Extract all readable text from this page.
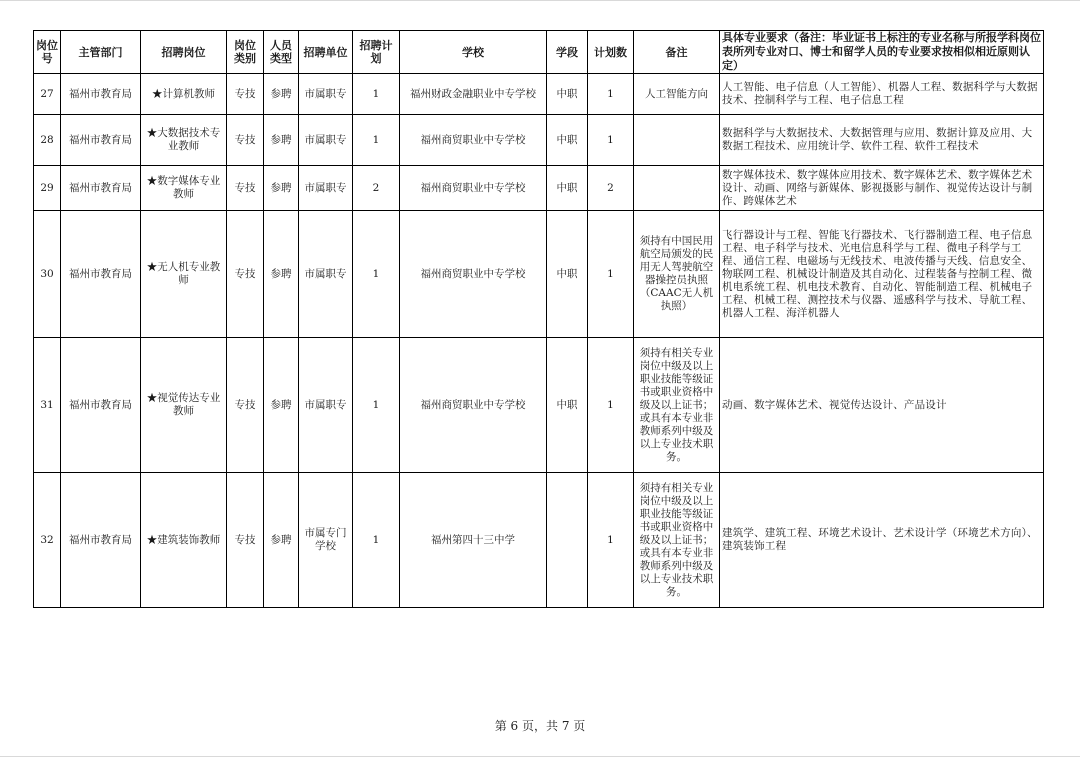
岗位号	主管部门	招聘岗位	岗位类别	人员类型	招聘单位	招聘计划	学校	学段	计划数	备注	具体专业要求（备注：毕业证书上标注的专业名称与所报学科岗位表所列专业对口、博士和留学人员的专业要求按相似相近原则认定）
27	福州市教育局	★计算机教师	专技	参聘	市属职专	1	福州财政金融职业中专学校	中职	1	人工智能方向	人工智能、电子信息（人工智能）、机器人工程、数据科学与大数据技术、控制科学与工程、电子信息工程
28	福州市教育局	★大数据技术专业教师	专技	参聘	市属职专	1	福州商贸职业中专学校	中职	1		数据科学与大数据技术、大数据管理与应用、数据计算及应用、大数据工程技术、应用统计学、软件工程、软件工程技术
29	福州市教育局	★数字媒体专业教师	专技	参聘	市属职专	2	福州商贸职业中专学校	中职	2		数字媒体技术、数字媒体应用技术、数字媒体艺术、数字媒体艺术设计、动画、网络与新媒体、影视摄影与制作、视觉传达设计与制作、跨媒体艺术
30	福州市教育局	★无人机专业教师	专技	参聘	市属职专	1	福州商贸职业中专学校	中职	1	须持有中国民用航空局颁发的民用无人驾驶航空器操控员执照（CAAC无人机执照）	飞行器设计与工程、智能飞行器技术、飞行器制造工程、电子信息工程、电子科学与技术、光电信息科学与工程、微电子科学与工程、通信工程、电磁场与无线技术、电波传播与天线、信息安全、物联网工程、机械设计制造及其自动化、过程装备与控制工程、微机电系统工程、机电技术教育、自动化、智能制造工程、机械电子工程、机械工程、测控技术与仪器、遥感科学与技术、导航工程、机器人工程、海洋机器人
31	福州市教育局	★视觉传达专业教师	专技	参聘	市属职专	1	福州商贸职业中专学校	中职	1	须持有相关专业岗位中级及以上职业技能等级证书或职业资格中级及以上证书；或具有本专业非教师系列中级及以上专业技术职务。	动画、数字媒体艺术、视觉传达设计、产品设计
32	福州市教育局	★建筑装饰教师	专技	参聘	市属专门学校	1	福州第四十三中学		1	须持有相关专业岗位中级及以上职业技能等级证书或职业资格中级及以上证书；或具有本专业非教师系列中级及以上专业技术职务。	建筑学、建筑工程、环境艺术设计、艺术设计学（环境艺术方向）、建筑装饰工程
第 6 页，共 7 页
